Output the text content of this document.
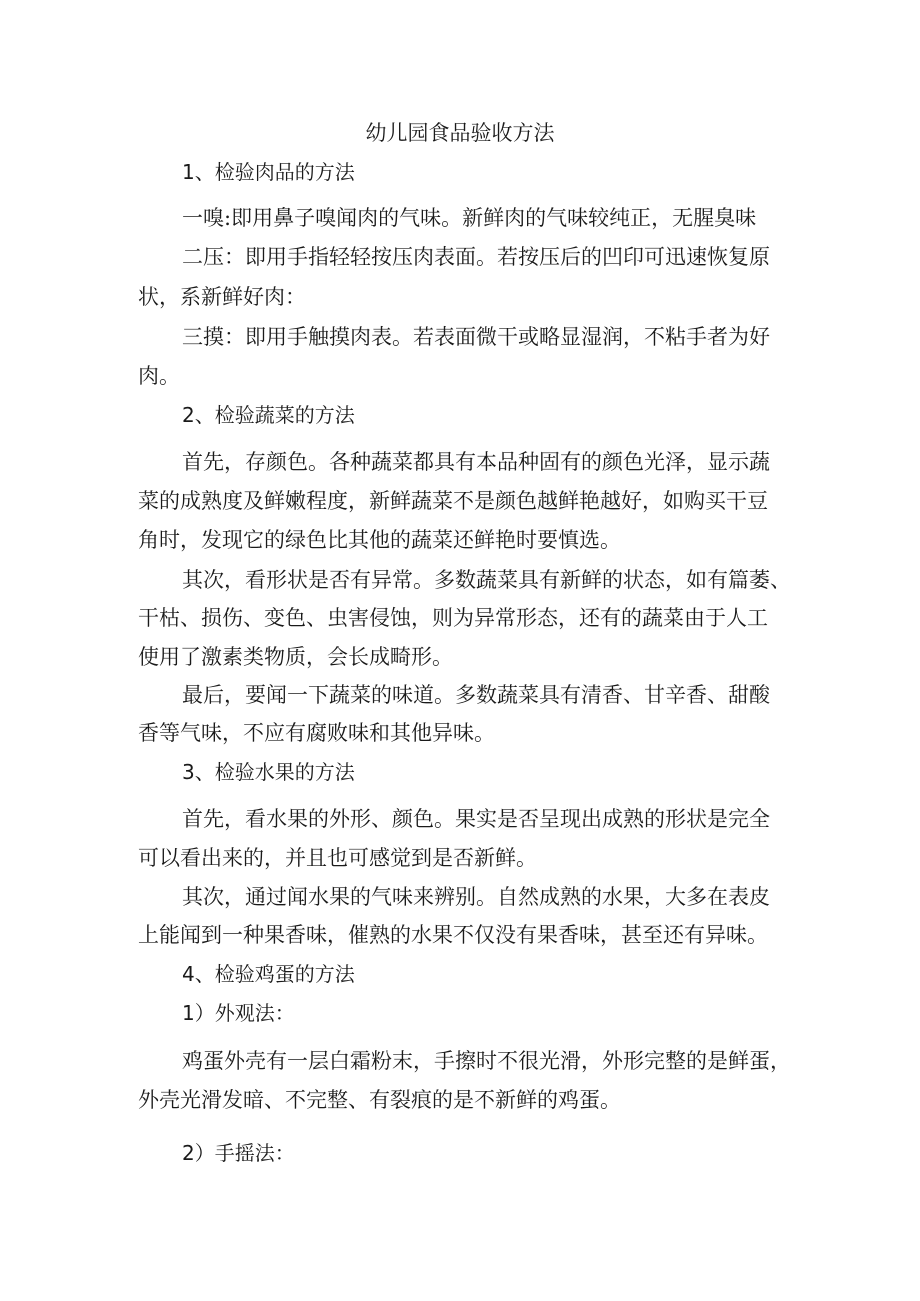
幼儿园食品验收方法
1、检验肉品的方法
一嗅:即用鼻子嗅闻肉的气味。新鲜肉的气味较纯正，无腥臭味
二压：即用手指轻轻按压肉表面。若按压后的凹印可迅速恢复原
状，系新鲜好肉：
三摸：即用手触摸肉表。若表面微干或略显湿润，不粘手者为好
肉。
2、检验蔬菜的方法
首先，存颜色。各种蔬菜都具有本品种固有的颜色光泽，显示蔬
菜的成熟度及鲜嫩程度，新鲜蔬菜不是颜色越鲜艳越好，如购买干豆
角时，发现它的绿色比其他的蔬菜还鲜艳时要慎选。
其次，看形状是否有异常。多数蔬菜具有新鲜的状态，如有篇萎、
干枯、损伤、变色、虫害侵蚀，则为异常形态，还有的蔬菜由于人工
使用了激素类物质，会长成畸形。
最后，要闻一下蔬菜的味道。多数蔬菜具有清香、甘辛香、甜酸
香等气味，不应有腐败味和其他异味。
3、检验水果的方法
首先，看水果的外形、颜色。果实是否呈现出成熟的形状是完全
可以看出来的，并且也可感觉到是否新鲜。
其次，通过闻水果的气味来辨别。自然成熟的水果，大多在表皮
上能闻到一种果香味，催熟的水果不仅没有果香味，甚至还有异味。
4、检验鸡蛋的方法
1）外观法：
鸡蛋外壳有一层白霜粉末，手擦时不很光滑，外形完整的是鲜蛋，
外壳光滑发暗、不完整、有裂痕的是不新鲜的鸡蛋。
2）手摇法：
